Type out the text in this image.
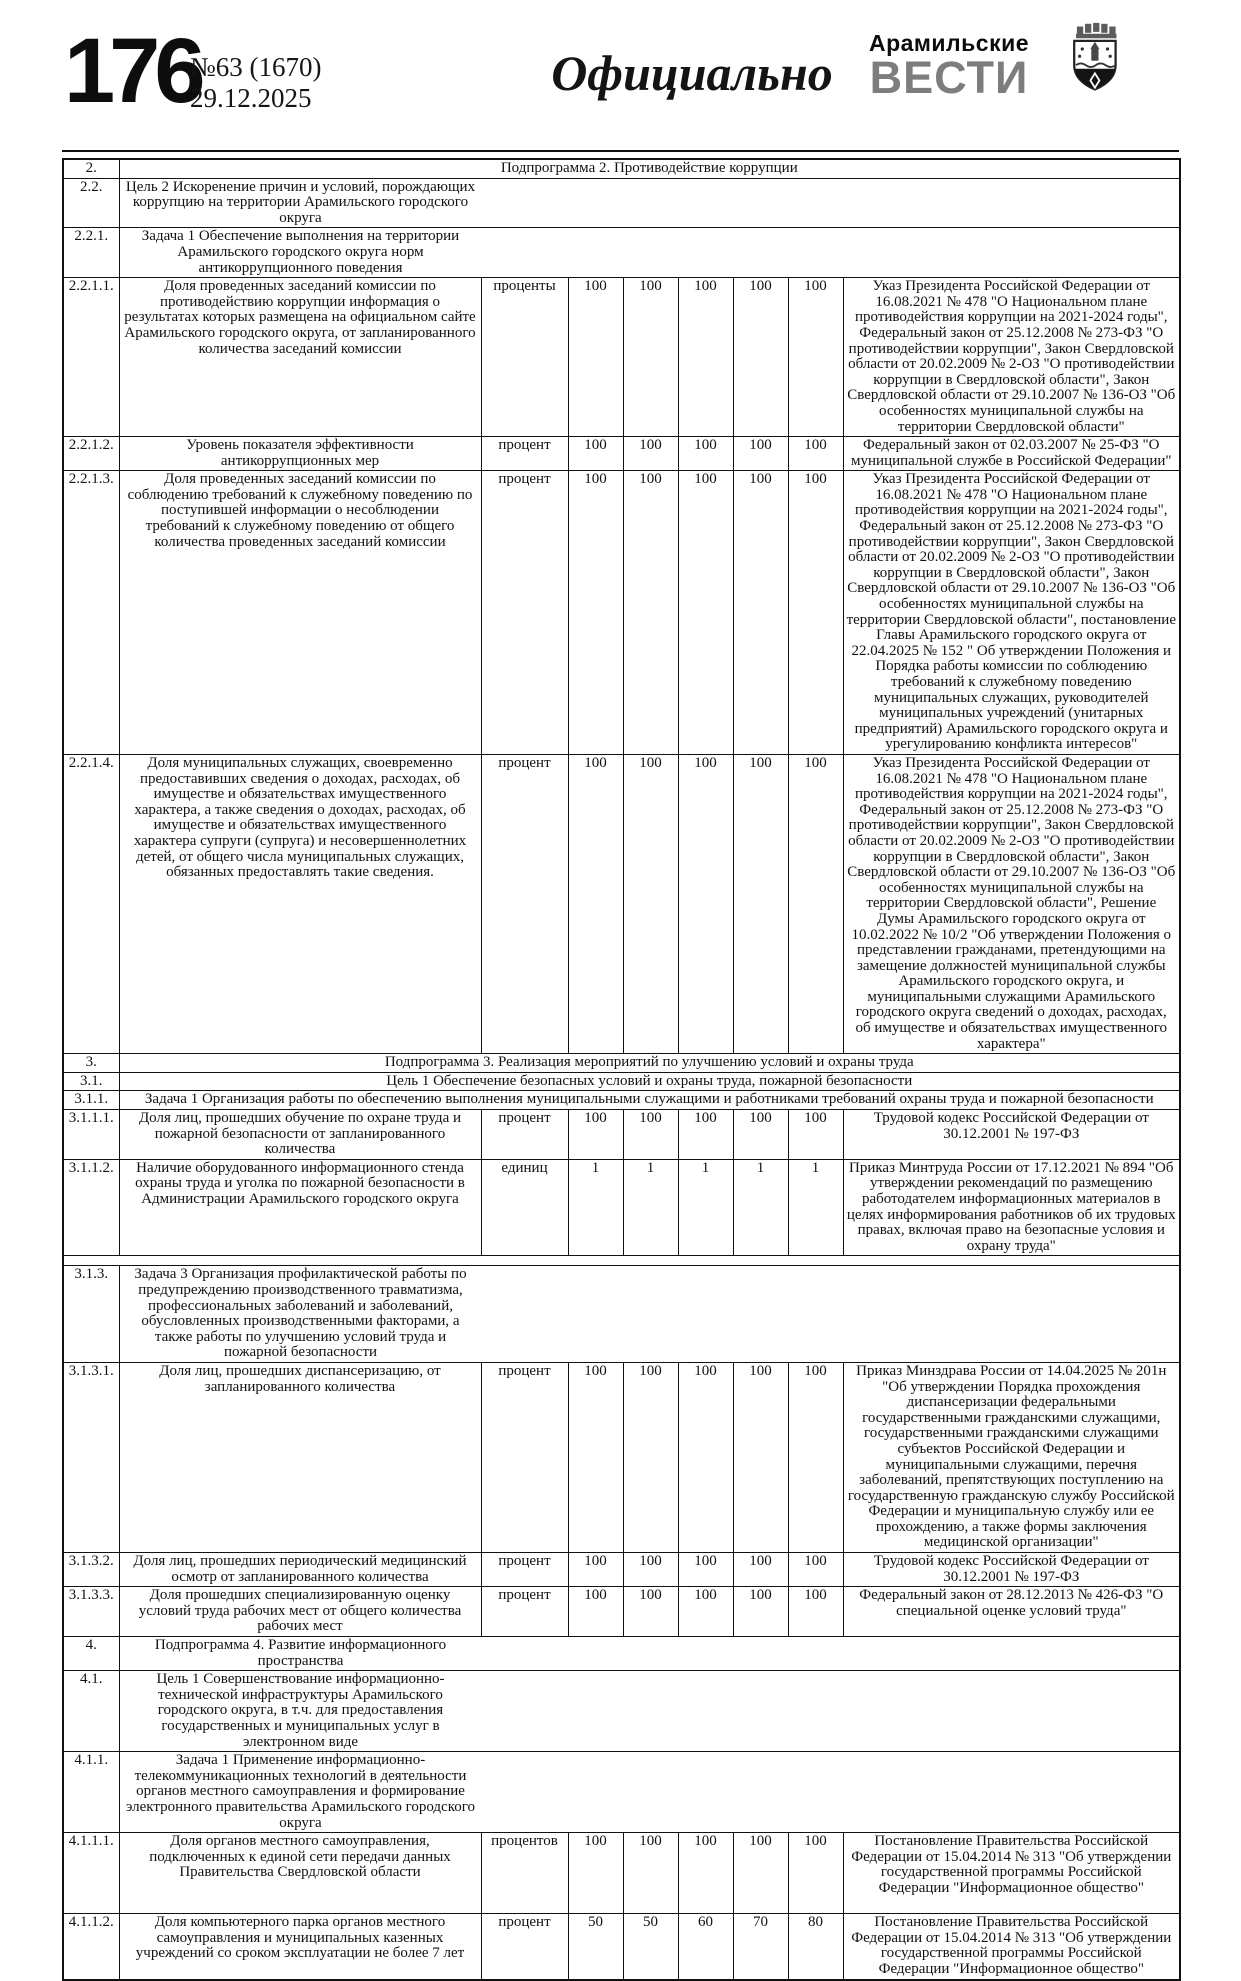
176
№63 (1670)
29.12.2025	Официально
Арамильские
ВЕСТИ
2.	Подпрограмма 2. Противодействие коррупции							
2.2.	Цель 2 Искоренение причин и условий, порождающих коррупцию на территории Арамильского городского округа							

2.2.1.	Задача 1 Обеспечение выполнения на территории Арамильского городского округа норм антикоррупционного поведения							

2.2.1.1.	Доля проведенных заседаний комиссии по противодействию коррупции информация о результатах которых размещена на официальном сайте Арамильского городского округа, от запланированного количества заседаний комиссии	проценты	100	100	100	100	100	Указ Президента Российской Федерации от 16.08.2021 № 478 "О Национальном плане противодействия коррупции на 2021-2024 годы", Федеральный закон от 25.12.2008 № 273-ФЗ "О противодействии коррупции", Закон Свердловской области от 20.02.2009 № 2-ОЗ "О противодействии коррупции в Свердловской области", Закон Свердловской области от 29.10.2007 № 136-ОЗ "Об особенностях муниципальной службы на территории Свердловской области"
2.2.1.2.	Уровень показателя эффективности антикоррупционных мер	процент	100	100	100	100	100	Федеральный закон от 02.03.2007 № 25-ФЗ "О муниципальной службе в Российской Федерации"
2.2.1.3.	Доля проведенных заседаний комиссии по соблюдению требований к служебному поведению по поступившей информации о несоблюдении требований к служебному поведению от общего количества проведенных заседаний комиссии	процент	100	100	100	100	100	Указ Президента Российской Федерации от 16.08.2021 № 478 "О Национальном плане противодействия коррупции на 2021-2024 годы", Федеральный закон от 25.12.2008 № 273-ФЗ "О противодействии коррупции", Закон Свердловской области от 20.02.2009 № 2-ОЗ "О противодействии коррупции в Свердловской области", Закон Свердловской области от 29.10.2007 № 136-ОЗ "Об особенностях муниципальной службы на территории Свердловской области", постановление Главы Арамильского городского округа от 22.04.2025 № 152 " Об утверждении Положения и Порядка работы комиссии по соблюдению требований к служебному поведению муниципальных служащих, руководителей муниципальных учреждений (унитарных предприятий) Арамильского городского округа и урегулированию конфликта интересов"
2.2.1.4.	Доля муниципальных служащих, своевременно предоставивших сведения о доходах, расходах, об имуществе и обязательствах имущественного характера, а также сведения о доходах, расходах, об имуществе и обязательствах имущественного характера супруги (супруга) и несовершеннолетних детей, от общего числа муниципальных служащих, обязанных предоставлять такие сведения.	процент	100	100	100	100	100	Указ Президента Российской Федерации от 16.08.2021 № 478 "О Национальном плане противодействия коррупции на 2021-2024 годы", Федеральный закон от 25.12.2008 № 273-ФЗ "О противодействии коррупции", Закон Свердловской области от 20.02.2009 № 2-ОЗ "О противодействии коррупции в Свердловской области", Закон Свердловской области от 29.10.2007 № 136-ОЗ "Об особенностях муниципальной службы на территории Свердловской области", Решение Думы Арамильского городского округа от 10.02.2022 № 10/2 "Об утверждении Положения о представлении гражданами, претендующими на замещение должностей муниципальной службы Арамильского городского округа, и муниципальными служащими Арамильского городского округа сведений о доходах, расходах, об имуществе и обязательствах имущественного характера"
3.	Подпрограмма 3. Реализация мероприятий по улучшению условий и охраны труда							
3.1.	Цель 1 Обеспечение безопасных условий и охраны труда, пожарной безопасности							
3.1.1.	Задача 1 Организация работы по обеспечению выполнения муниципальными служащими и работниками требований охраны труда и пожарной безопасности							
3.1.1.1.	Доля лиц, прошедших обучение по охране труда и пожарной безопасности от запланированного количества	процент	100	100	100	100	100	Трудовой кодекс Российской Федерации от 30.12.2001 № 197-ФЗ
3.1.1.2.	Наличие оборудованного информационного стенда охраны труда и уголка по пожарной безопасности в Администрации Арамильского городского округа	единиц	1	1	1	1	1	Приказ Минтруда России от 17.12.2021 № 894 "Об утверждении рекомендаций по размещению работодателем информационных материалов в целях информирования работников об их трудовых правах, включая право на безопасные условия и охрану труда"

3.1.3.	Задача 3 Организация профилактической работы по предупреждению производственного травматизма, профессиональных заболеваний и заболеваний, обусловленных производственными факторами, а также работы по улучшению условий труда и пожарной безопасности							

3.1.3.1.	Доля лиц, прошедших диспансеризацию, от запланированного количества	процент	100	100	100	100	100	Приказ Минздрава России от 14.04.2025 № 201н "Об утверждении Порядка прохождения диспансеризации федеральными государственными гражданскими служащими, государственными гражданскими служащими субъектов Российской Федерации и муниципальными служащими, перечня заболеваний, препятствующих поступлению на государственную гражданскую службу Российской Федерации и муниципальную службу или ее прохождению, а также формы заключения медицинской организации"
3.1.3.2.	Доля лиц, прошедших периодический медицинский осмотр от запланированного количества	процент	100	100	100	100	100	Трудовой кодекс Российской Федерации от 30.12.2001 № 197-ФЗ
3.1.3.3.	Доля прошедших специализированную оценку условий труда рабочих мест от общего количества рабочих мест	процент	100	100	100	100	100	Федеральный закон от 28.12.2013 № 426-ФЗ "О специальной оценке условий труда"
4.	Подпрограмма 4. Развитие информационного пространства							

4.1.	Цель 1 Совершенствование информационно-технической инфраструктуры Арамильского городского округа, в т.ч. для предоставления государственных и муниципальных услуг в электронном виде							

4.1.1.	Задача 1 Применение информационно-телекоммуникационных технологий в деятельности органов местного самоуправления и формирование электронного правительства Арамильского городского округа							

4.1.1.1.	Доля органов местного самоуправления, подключенных к единой сети передачи данных Правительства Свердловской области	процентов	100	100	100	100	100	Постановление Правительства Российской Федерации от 15.04.2014 № 313 "Об утверждении государственной программы Российской Федерации "Информационное общество"
4.1.1.2.	Доля компьютерного парка органов местного самоуправления и муниципальных казенных учреждений со сроком эксплуатации не более 7 лет	процент	50	50	60	70	80	Постановление Правительства Российской Федерации от 15.04.2014 № 313 "Об утверждении государственной программы Российской Федерации "Информационное общество"
